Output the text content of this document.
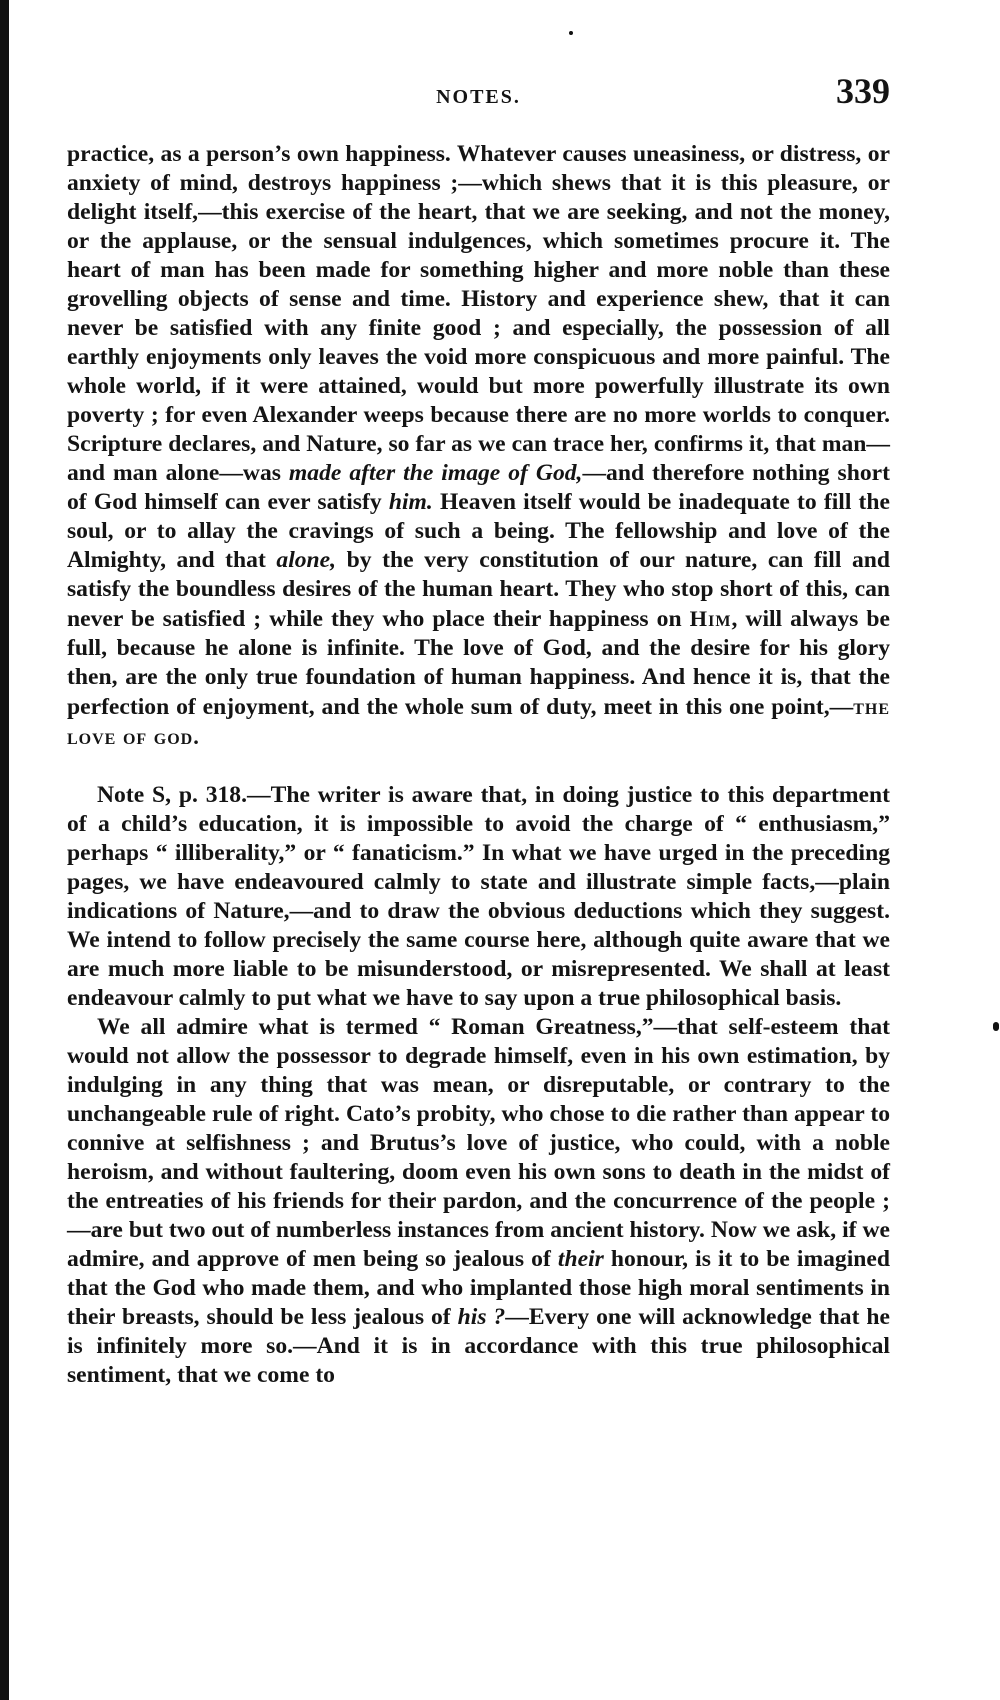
NOTES.	339

practice, as a person’s own happiness. Whatever causes uneasiness, or distress, or anxiety of mind, destroys happiness ;—which shews that it is this pleasure, or delight itself,—this exercise of the heart, that we are seeking, and not the money, or the applause, or the sensual indulgences, which sometimes procure it. The heart of man has been made for something higher and more noble than these grovelling objects of sense and time. History and experience shew, that it can never be satisfied with any finite good ; and especially, the possession of all earthly enjoyments only leaves the void more conspicuous and more painful. The whole world, if it were attained, would but more powerfully illustrate its own poverty ; for even Alexander weeps because there are no more worlds to conquer. Scripture declares, and Nature, so far as we can trace her, confirms it, that man—and man alone—was made after the image of God,—and therefore nothing short of God himself can ever satisfy him. Heaven itself would be inadequate to fill the soul, or to allay the cravings of such a being. The fellowship and love of the Almighty, and that alone, by the very constitution of our nature, can fill and satisfy the boundless desires of the human heart. They who stop short of this, can never be satisfied ; while they who place their happiness on Him, will always be full, because he alone is infinite. The love of God, and the desire for his glory then, are the only true foundation of human happiness. And hence it is, that the perfection of enjoyment, and the whole sum of duty, meet in this one point,—the love of god.

Note S, p. 318.—The writer is aware that, in doing justice to this department of a child’s education, it is impossible to avoid the charge of “ enthusiasm,” perhaps “ illiberality,” or “ fanaticism.” In what we have urged in the preceding pages, we have endeavoured calmly to state and illustrate simple facts,—plain indications of Nature,—and to draw the obvious deductions which they suggest. We intend to follow precisely the same course here, although quite aware that we are much more liable to be misunderstood, or misrepresented. We shall at least endeavour calmly to put what we have to say upon a true philosophical basis.

We all admire what is termed “ Roman Greatness,”—that self-esteem that would not allow the possessor to degrade himself, even in his own estimation, by indulging in any thing that was mean, or disreputable, or contrary to the unchangeable rule of right. Cato’s probity, who chose to die rather than appear to connive at selfishness ; and Brutus’s love of justice, who could, with a noble heroism, and without faultering, doom even his own sons to death in the midst of the entreaties of his friends for their pardon, and the concurrence of the people ;—are but two out of numberless instances from ancient history. Now we ask, if we admire, and approve of men being so jealous of their honour, is it to be imagined that the God who made them, and who implanted those high moral sentiments in their breasts, should be less jealous of his ?—Every one will acknowledge that he is infinitely more so.—And it is in accordance with this true philosophical sentiment, that we come to
